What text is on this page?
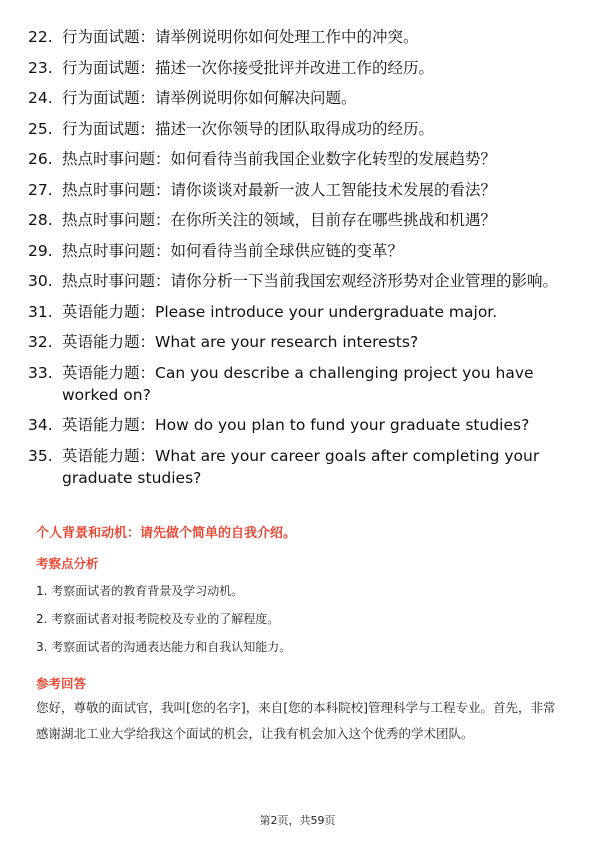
22. 行为面试题：请举例说明你如何处理工作中的冲突。
23. 行为面试题：描述一次你接受批评并改进工作的经历。
24. 行为面试题：请举例说明你如何解决问题。
25. 行为面试题：描述一次你领导的团队取得成功的经历。
26. 热点时事问题：如何看待当前我国企业数字化转型的发展趋势？
27. 热点时事问题：请你谈谈对最新一波人工智能技术发展的看法？
28. 热点时事问题：在你所关注的领域，目前存在哪些挑战和机遇？
29. 热点时事问题：如何看待当前全球供应链的变革？
30. 热点时事问题：请你分析一下当前我国宏观经济形势对企业管理的影响。
31. 英语能力题：Please introduce your undergraduate major.
32. 英语能力题：What are your research interests?
33. 英语能力题：Can you describe a challenging project you have worked on?
34. 英语能力题：How do you plan to fund your graduate studies?
35. 英语能力题：What are your career goals after completing your graduate studies?
个人背景和动机：请先做个简单的自我介绍。
考察点分析
1. 考察面试者的教育背景及学习动机。
2. 考察面试者对报考院校及专业的了解程度。
3. 考察面试者的沟通表达能力和自我认知能力。
参考回答
您好，尊敬的面试官，我叫[您的名字]，来自[您的本科院校]管理科学与工程专业。首先，非常感谢湖北工业大学给我这个面试的机会，让我有机会加入这个优秀的学术团队。
第2页，共59页
